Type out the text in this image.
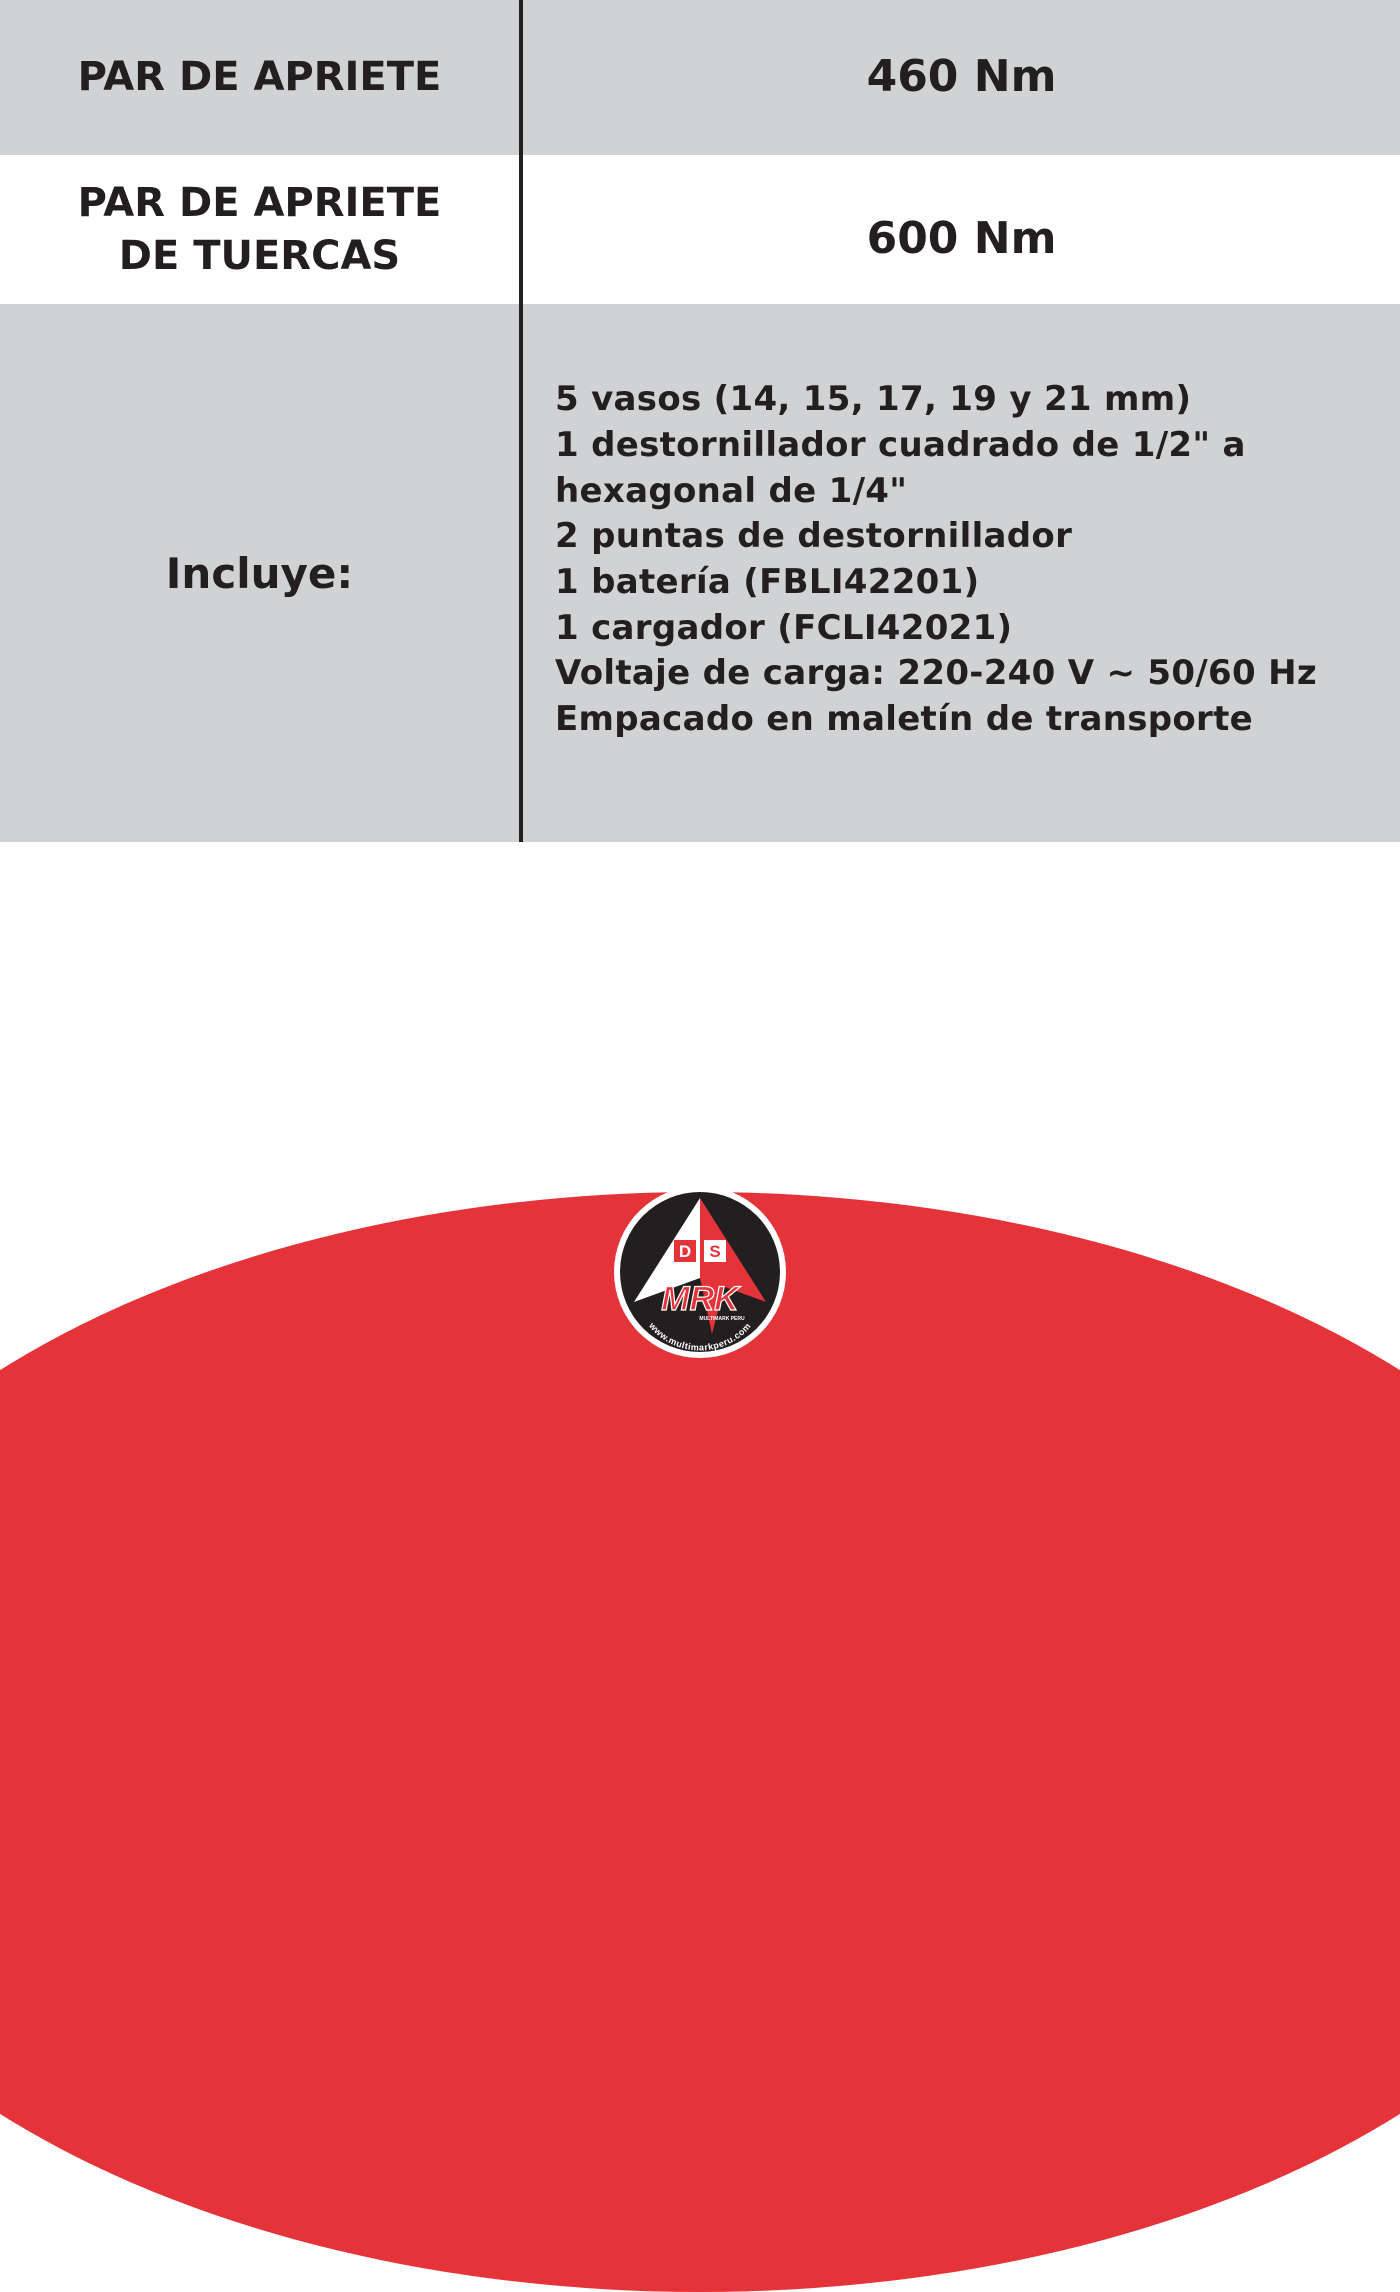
PAR DE APRIETE	460 Nm
PAR DE APRIETE
DE TUERCAS	600 Nm
Incluye:
5 vasos (14, 15, 17, 19 y 21 mm)
1 destornillador cuadrado de 1/2" a
hexagonal de 1/4"
2 puntas de destornillador
1 batería (FBLI42201)
1 cargador (FCLI42021)
Voltaje de carga: 220-240 V ~ 50/60 Hz
Empacado en maletín de transporte
D S
MRK
MULTIMARK PERU
www.multimarkperu.com
